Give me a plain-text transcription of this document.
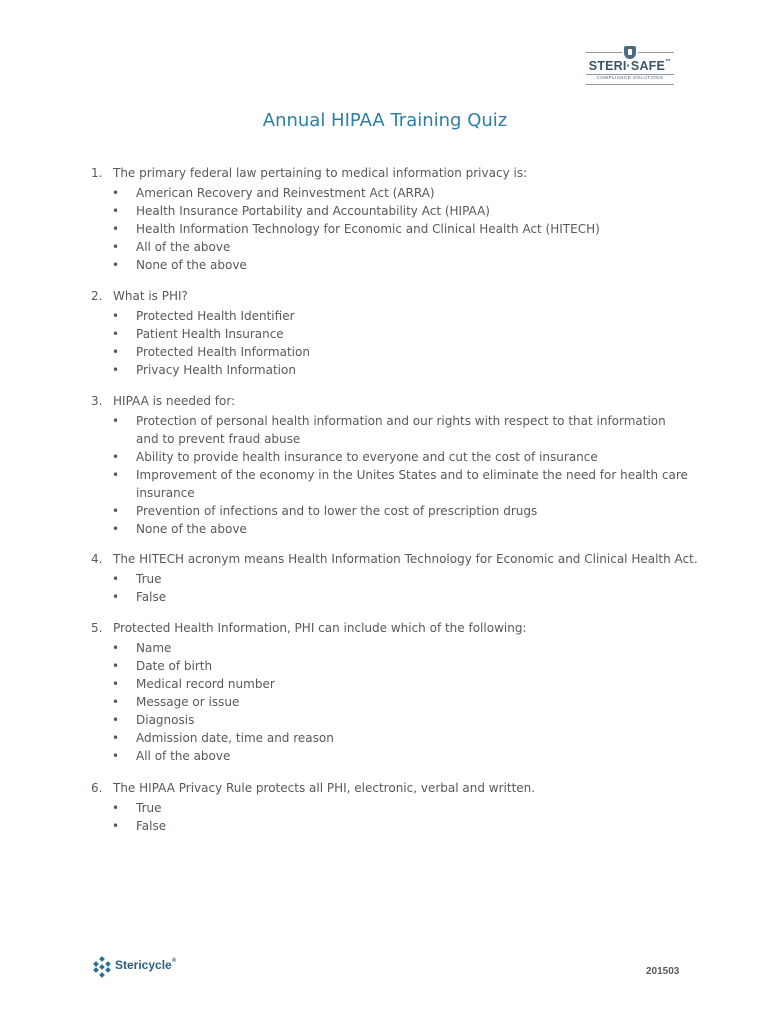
STERI·SAFE™
COMPLIANCE SOLUTIONS
Annual HIPAA Training Quiz
1. The primary federal law pertaining to medical information privacy is:
• American Recovery and Reinvestment Act (ARRA)
• Health Insurance Portability and Accountability Act (HIPAA)
• Health Information Technology for Economic and Clinical Health Act (HITECH)
• All of the above
• None of the above
2. What is PHI?
• Protected Health Identifier
• Patient Health Insurance
• Protected Health Information
• Privacy Health Information
3. HIPAA is needed for:
• Protection of personal health information and our rights with respect to that information and to prevent fraud abuse
• Ability to provide health insurance to everyone and cut the cost of insurance
• Improvement of the economy in the Unites States and to eliminate the need for health care insurance
• Prevention of infections and to lower the cost of prescription drugs
• None of the above
4. The HITECH acronym means Health Information Technology for Economic and Clinical Health Act.
• True
• False
5. Protected Health Information, PHI can include which of the following:
• Name
• Date of birth
• Medical record number
• Message or issue
• Diagnosis
• Admission date, time and reason
• All of the above
6. The HIPAA Privacy Rule protects all PHI, electronic, verbal and written.
• True
• False
Stericycle®
201503
